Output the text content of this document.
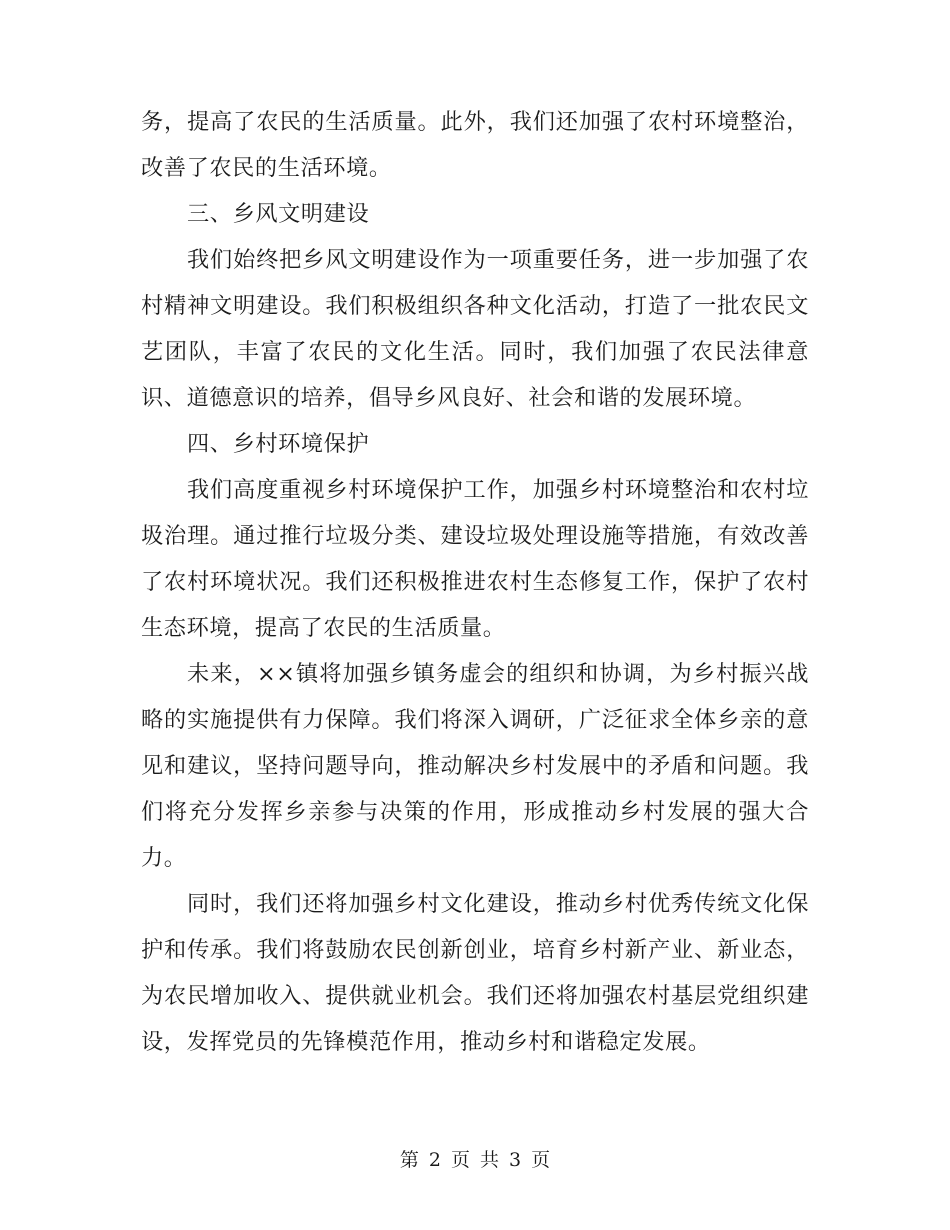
务，提高了农民的生活质量。此外，我们还加强了农村环境整治，改善了农民的生活环境。

三、乡风文明建设

我们始终把乡风文明建设作为一项重要任务，进一步加强了农村精神文明建设。我们积极组织各种文化活动，打造了一批农民文艺团队，丰富了农民的文化生活。同时，我们加强了农民法律意识、道德意识的培养，倡导乡风良好、社会和谐的发展环境。

四、乡村环境保护

我们高度重视乡村环境保护工作，加强乡村环境整治和农村垃圾治理。通过推行垃圾分类、建设垃圾处理设施等措施，有效改善了农村环境状况。我们还积极推进农村生态修复工作，保护了农村生态环境，提高了农民的生活质量。

未来，××镇将加强乡镇务虚会的组织和协调，为乡村振兴战略的实施提供有力保障。我们将深入调研，广泛征求全体乡亲的意见和建议，坚持问题导向，推动解决乡村发展中的矛盾和问题。我们将充分发挥乡亲参与决策的作用，形成推动乡村发展的强大合力。

同时，我们还将加强乡村文化建设，推动乡村优秀传统文化保护和传承。我们将鼓励农民创新创业，培育乡村新产业、新业态，为农民增加收入、提供就业机会。我们还将加强农村基层党组织建设，发挥党员的先锋模范作用，推动乡村和谐稳定发展。

第 2 页 共 3 页
